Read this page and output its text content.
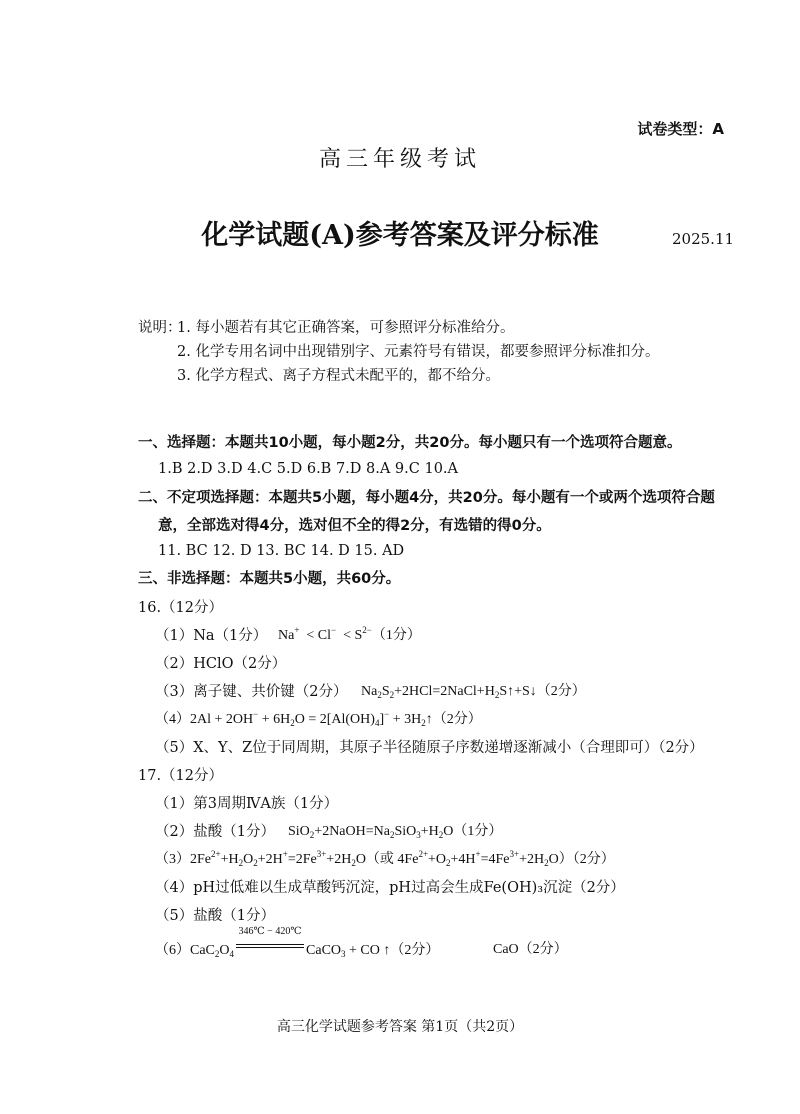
试卷类型：A
高三年级考试
化学试题(A)参考答案及评分标准	2025.11
说明：
1. 每小题若有其它正确答案，可参照评分标准给分。
2. 化学专用名词中出现错别字、元素符号有错误，都要参照评分标准扣分。
3. 化学方程式、离子方程式未配平的，都不给分。
一、选择题：本题共10小题，每小题2分，共20分。每小题只有一个选项符合题意。
1.B 2.D 3.D 4.C 5.D 6.B 7.D 8.A 9.C 10.A
二、不定项选择题：本题共5小题，每小题4分，共20分。每小题有一个或两个选项符合题
意，全部选对得4分，选对但不全的得2分，有选错的得0分。
11. BC 12. D 13. BC 14. D 15. AD
三、非选择题：本题共5小题，共60分。
16.（12分）
（1）Na（1分） $Na^+ < Cl^- < S^{2-}(1$分）
（2）HClO（2分）
（3）离子键、共价键（2分） $Na_2S_2+2HCl=2NaCl+H_2S↑+S↓(2$分）
$(4)2Al + 2OH^- + 6H_2O = 2[Al(OH)_4]^-$ + $3H_2↑(2$分）
（5）X、Y、Z位于同周期，其原子半径随原子序数递增逐渐减小（合理即可）（2分）
17.（12分）
（1）第3周期ⅣA族（1分）
（2）盐酸（1分） $SiO_2+2NaOH=Na_2SiO_3+H_2O(1$分）
$(3)2Fe^{2+}+H_2O_2+2H^+=2Fe^{3+}+2H_2O$（或 $4Fe^{2+}+O_2+4H^+=4Fe^{3+}+2H_2O)(2$分）
（4）pH过低难以生成草酸钙沉淀，pH过高会生成Fe(OH)₃沉淀（2分）
（5）盐酸（1分）
$(6)CaC_2O_4$
346℃ − 420℃
CaCO$_3$ + CO ↑（2分）	CaO（2分）
高三化学试题参考答案 第1页（共2页）
